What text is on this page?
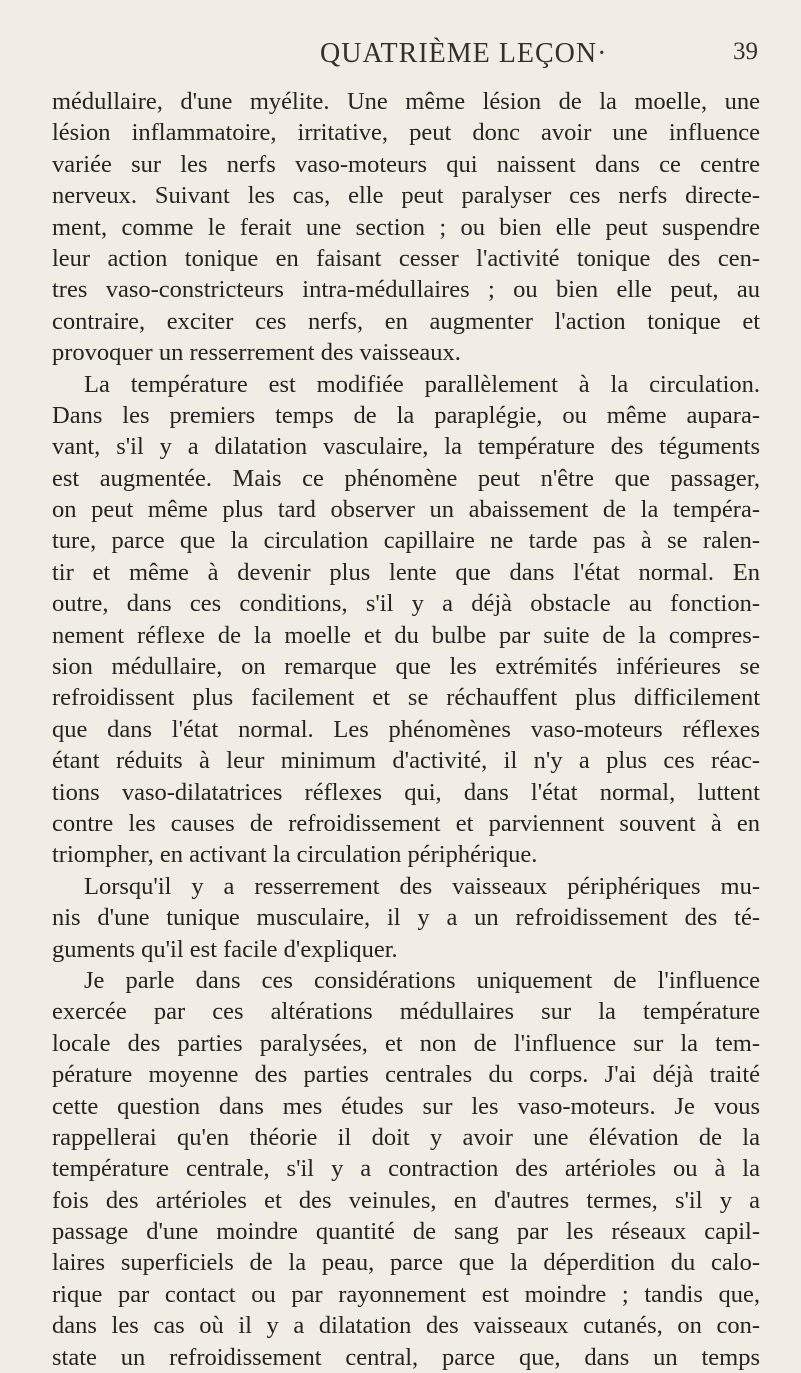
QUATRIÈME LEÇON·	39
médullaire, d'une myélite. Une même lésion de la moelle, une
lésion inflammatoire, irritative, peut donc avoir une influence
variée sur les nerfs vaso-moteurs qui naissent dans ce centre
nerveux. Suivant les cas, elle peut paralyser ces nerfs directe-
ment, comme le ferait une section ; ou bien elle peut suspendre
leur action tonique en faisant cesser l'activité tonique des cen-
tres vaso-constricteurs intra-médullaires ; ou bien elle peut, au
contraire, exciter ces nerfs, en augmenter l'action tonique et
provoquer un resserrement des vaisseaux.
La température est modifiée parallèlement à la circulation.
Dans les premiers temps de la paraplégie, ou même aupara-
vant, s'il y a dilatation vasculaire, la température des téguments
est augmentée. Mais ce phénomène peut n'être que passager,
on peut même plus tard observer un abaissement de la tempéra-
ture, parce que la circulation capillaire ne tarde pas à se ralen-
tir et même à devenir plus lente que dans l'état normal. En
outre, dans ces conditions, s'il y a déjà obstacle au fonction-
nement réflexe de la moelle et du bulbe par suite de la compres-
sion médullaire, on remarque que les extrémités inférieures se
refroidissent plus facilement et se réchauffent plus difficilement
que dans l'état normal. Les phénomènes vaso-moteurs réflexes
étant réduits à leur minimum d'activité, il n'y a plus ces réac-
tions vaso-dilatatrices réflexes qui, dans l'état normal, luttent
contre les causes de refroidissement et parviennent souvent à en
triompher, en activant la circulation périphérique.
Lorsqu'il y a resserrement des vaisseaux périphériques mu-
nis d'une tunique musculaire, il y a un refroidissement des té-
guments qu'il est facile d'expliquer.
Je parle dans ces considérations uniquement de l'influence
exercée par ces altérations médullaires sur la température
locale des parties paralysées, et non de l'influence sur la tem-
pérature moyenne des parties centrales du corps. J'ai déjà traité
cette question dans mes études sur les vaso-moteurs. Je vous
rappellerai qu'en théorie il doit y avoir une élévation de la
température centrale, s'il y a contraction des artérioles ou à la
fois des artérioles et des veinules, en d'autres termes, s'il y a
passage d'une moindre quantité de sang par les réseaux capil-
laires superficiels de la peau, parce que la déperdition du calo-
rique par contact ou par rayonnement est moindre ; tandis que,
dans les cas où il y a dilatation des vaisseaux cutanés, on con-
state un refroidissement central, parce que, dans un temps
